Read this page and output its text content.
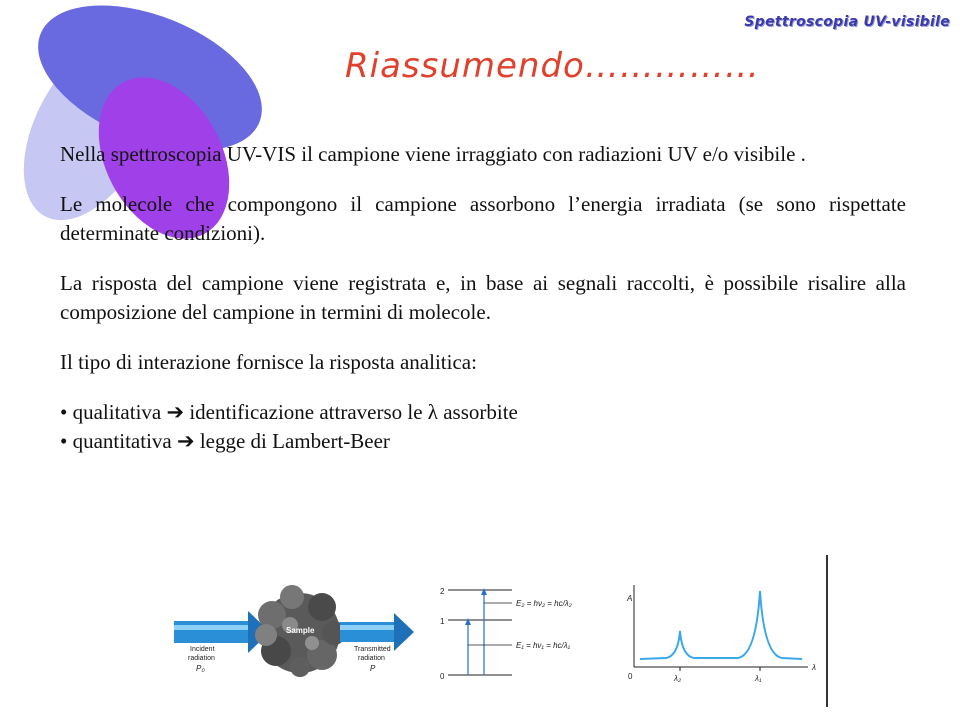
Spettroscopia UV-visibile
Riassumendo……………

Nella spettroscopia UV-VIS il campione viene irraggiato con radiazioni UV e/o visibile .

Le molecole che compongono il campione assorbono l’energia irradiata (se sono rispettate determinate condizioni).

La risposta del campione viene registrata e, in base ai segnali raccolti, è possibile risalire alla composizione del campione in termini di molecole.

Il tipo di interazione fornisce la risposta analitica:

• qualitativa ➔ identificazione attraverso le λ assorbite
• quantitativa ➔ legge di Lambert-Beer
Incident
radiation
P₀
Sample
Transmitted
radiation
P
2
1
0
E₂ = hν₂ = hc/λ₂
E₁ = hν₁ = hc/λ₁
A
0
λ
λ₂	λ₁
